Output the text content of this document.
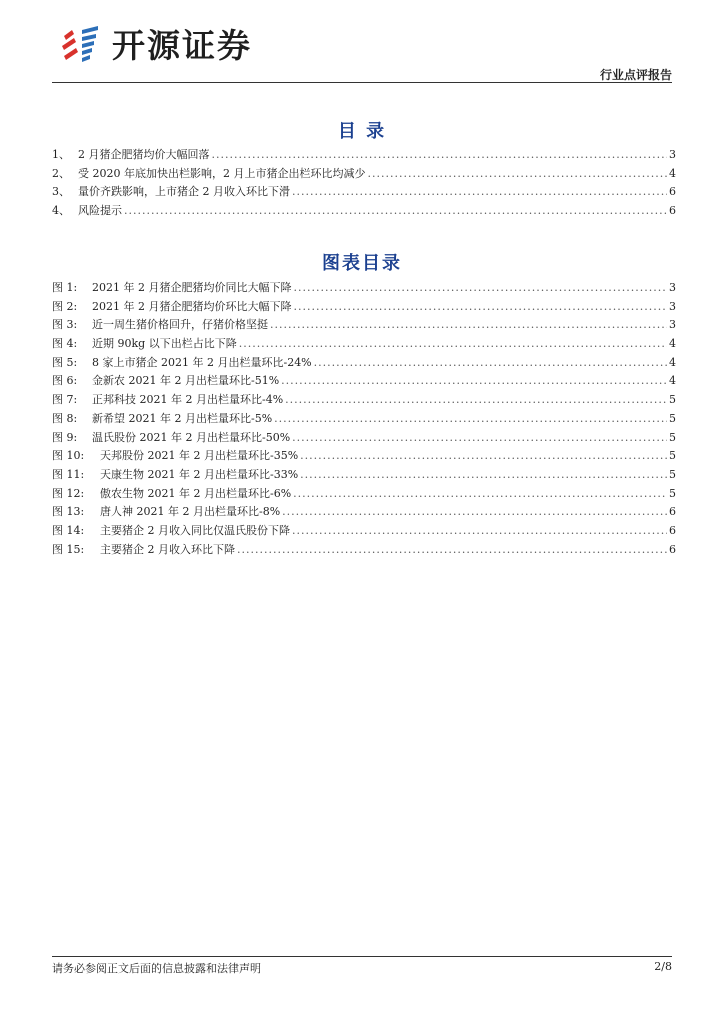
开源证券
行业点评报告
目 录
1、 2 月猪企肥猪均价大幅回落 .....	3
2、 受 2020 年底加快出栏影响，2 月上市猪企出栏环比均减少 .....	4
3、 量价齐跌影响，上市猪企 2 月收入环比下滑 .....	6
4、 风险提示 .....	6
图表目录
图 1:	2021 年 2 月猪企肥猪均价同比大幅下降 .....	3
图 2:	2021 年 2 月猪企肥猪均价环比大幅下降 .....	3
图 3:	近一周生猪价格回升，仔猪价格坚挺 .....	3
图 4:	近期 90kg 以下出栏占比下降 .....	4
图 5:	8 家上市猪企 2021 年 2 月出栏量环比-24% .....	4
图 6:	金新农 2021 年 2 月出栏量环比-51% .....	4
图 7:	正邦科技 2021 年 2 月出栏量环比-4% .....	5
图 8:	新希望 2021 年 2 月出栏量环比-5% .....	5
图 9:	温氏股份 2021 年 2 月出栏量环比-50% .....	5
图 10:	天邦股份 2021 年 2 月出栏量环比-35% .....	5
图 11:	天康生物 2021 年 2 月出栏量环比-33% .....	5
图 12:	傲农生物 2021 年 2 月出栏量环比-6% .....	5
图 13:	唐人神 2021 年 2 月出栏量环比-8% .....	6
图 14:	主要猪企 2 月收入同比仅温氏股份下降 .....	6
图 15:	主要猪企 2 月收入环比下降 .....	6
请务必参阅正文后面的信息披露和法律声明	2/8
